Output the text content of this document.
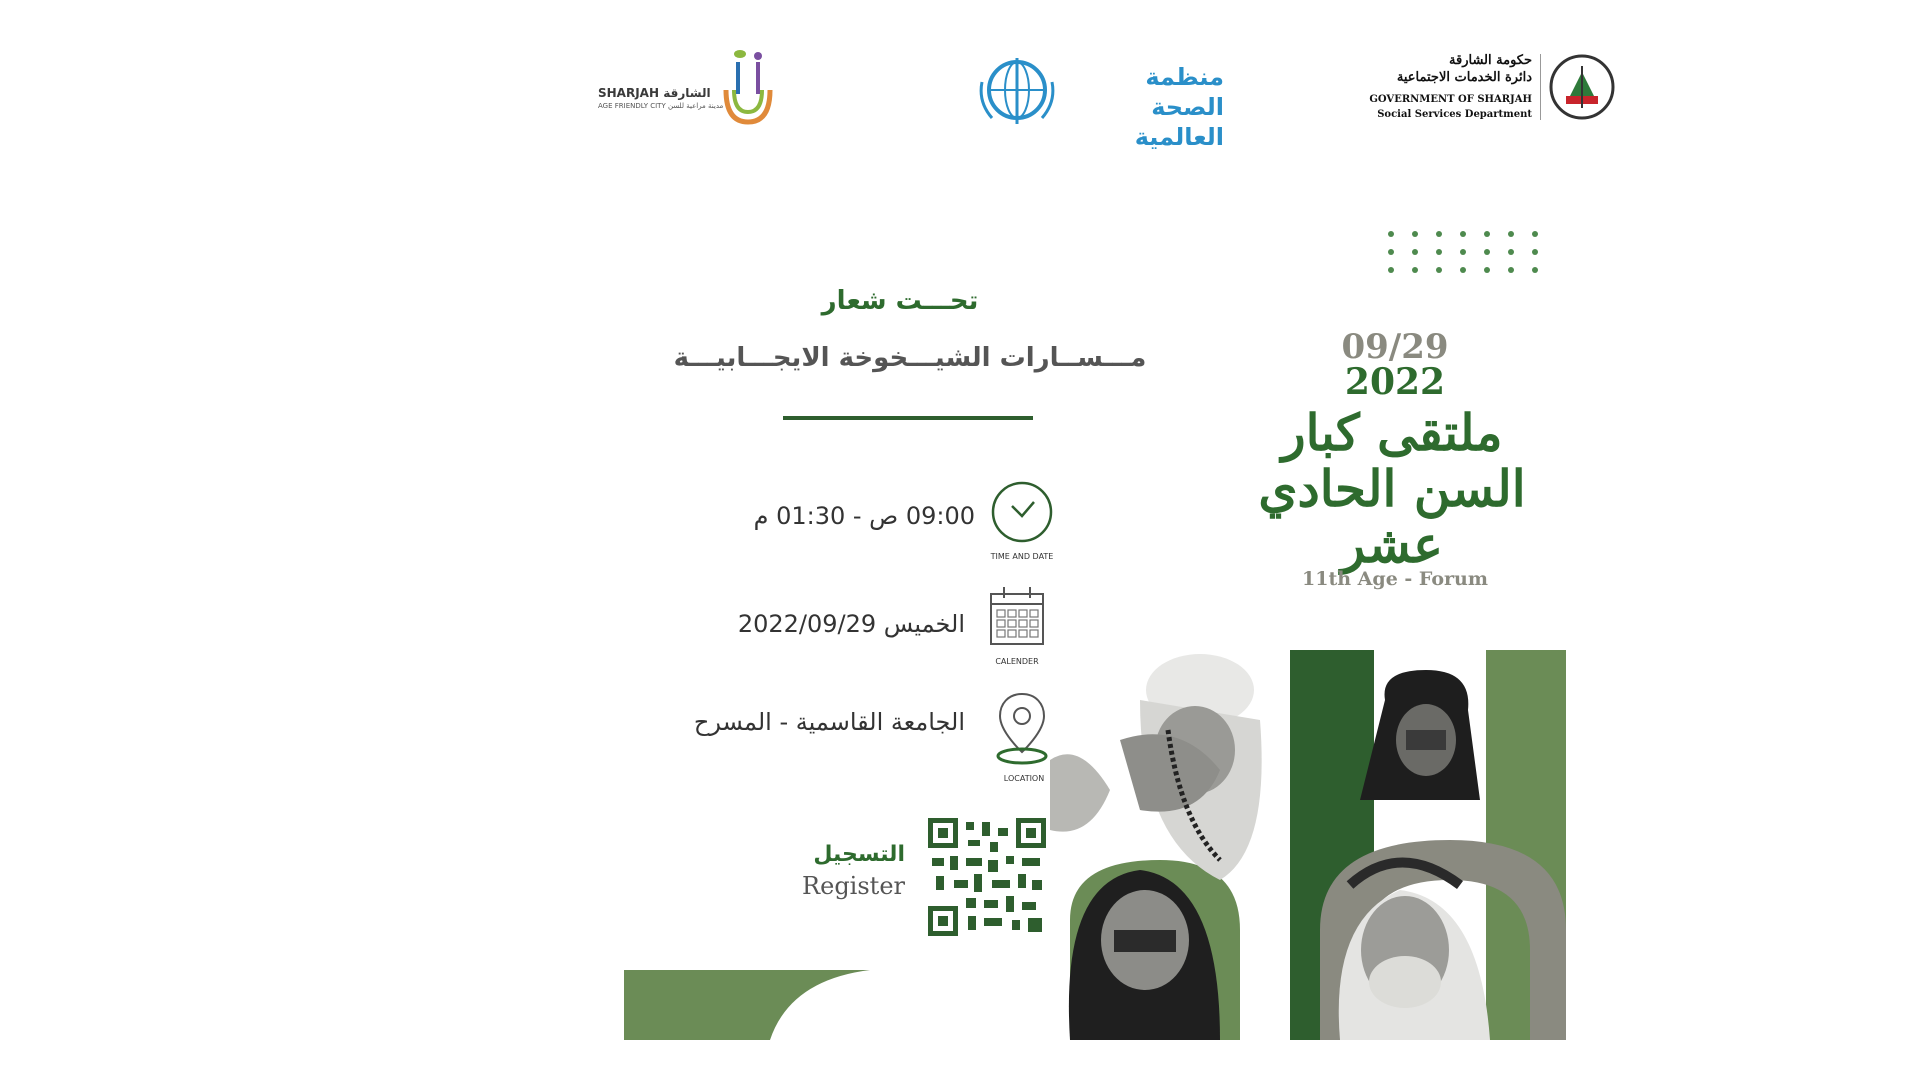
SHARJAH الشارقة
AGE FRIENDLY CITY مدينة مراعية للسن
منظمة
الصحة العالمية
حكومة الشارقة
دائرة الخدمات الاجتماعية
GOVERNMENT OF SHARJAH
Social Services Department
تحـــت شعار
مـــســارات الشيـــخوخة الايجـــابيـــة
09:00 ص - 01:30 م
TIME AND DATE
الخميس 2022/09/29
CALENDER
الجامعة القاسمية - المسرح
LOCATION
التسجيل
Register
09/29
2022
ملتقى كبار السن الحادي عشر
11th Age - Forum
